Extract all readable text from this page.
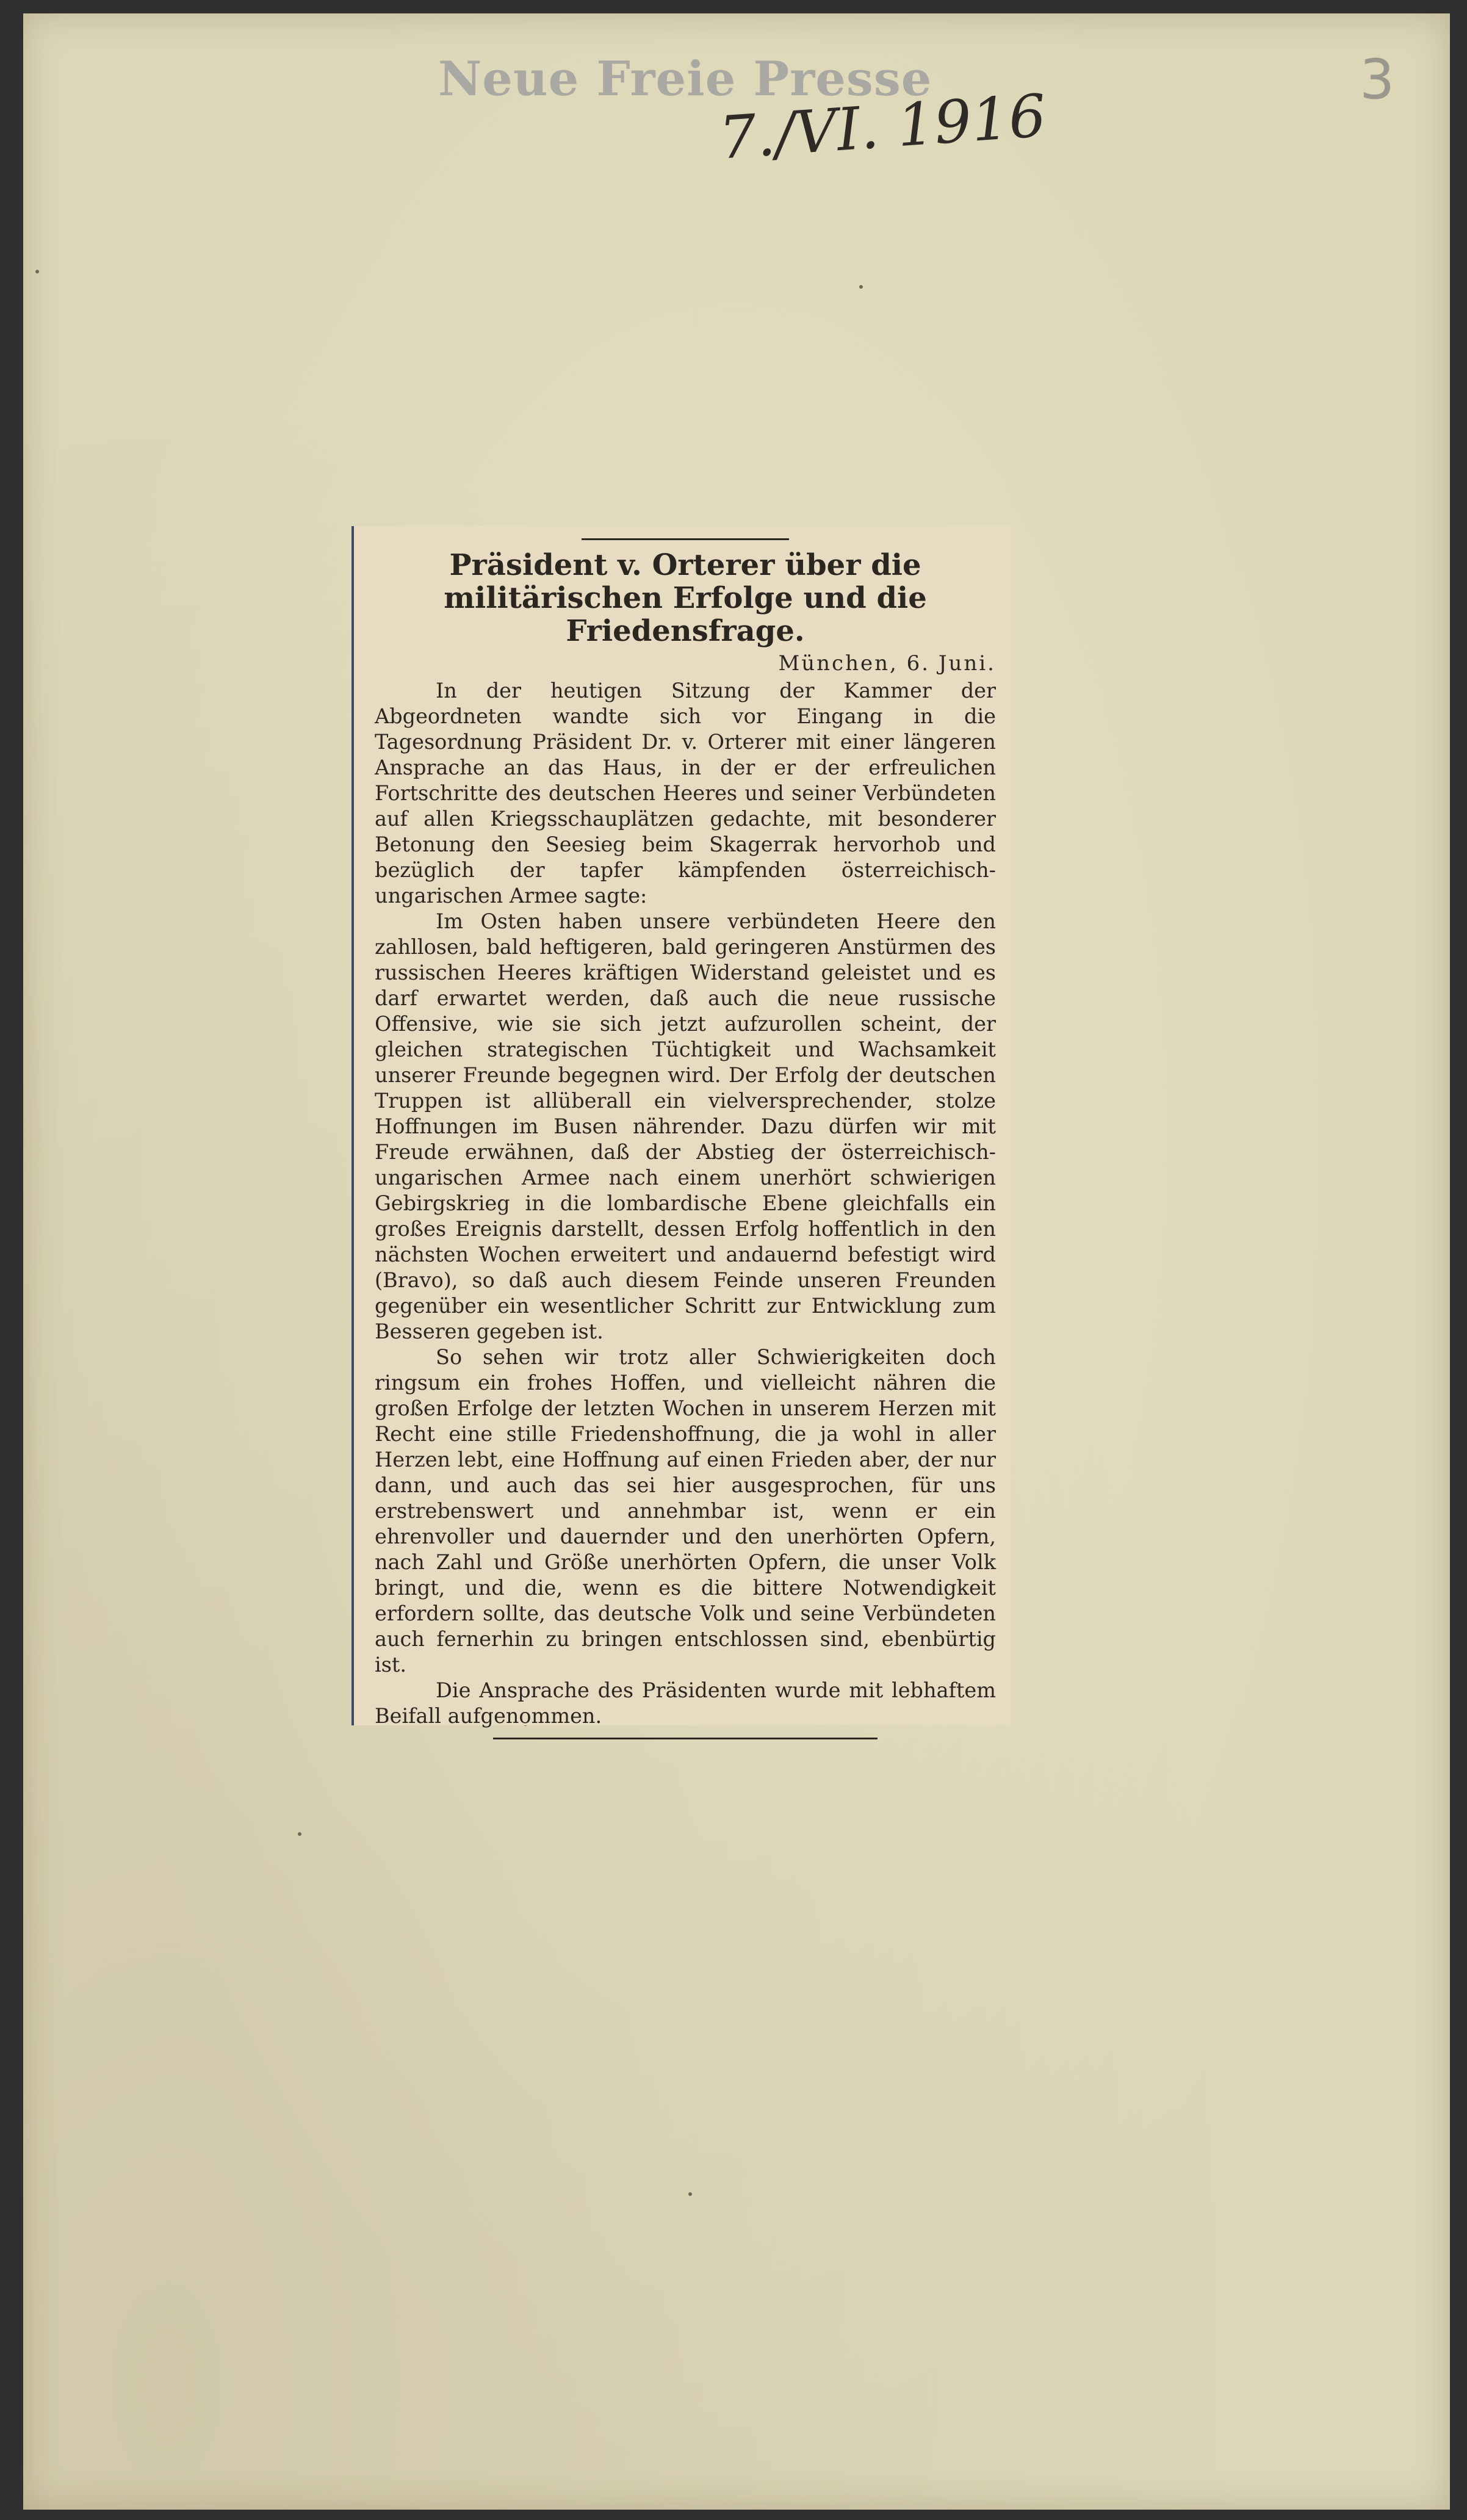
Neue Freie Presse
7./VI. 1916
3
Präsident v. Orterer über die militärischen Erfolge und die Friedensfrage.
München, 6. Juni.

In der heutigen Sitzung der Kammer der Abgeordneten wandte sich vor Eingang in die Tagesordnung Präsident Dr. v. Orterer mit einer längeren Ansprache an das Haus, in der er der erfreulichen Fortschritte des deutschen Heeres und seiner Verbündeten auf allen Kriegsschauplätzen gedachte, mit besonderer Betonung den Seesieg beim Skagerrak hervorhob und bezüglich der tapfer kämpfenden österreichisch-ungarischen Armee sagte:

Im Osten haben unsere verbündeten Heere den zahllosen, bald heftigeren, bald geringeren Anstürmen des russischen Heeres kräftigen Widerstand geleistet und es darf erwartet werden, daß auch die neue russische Offensive, wie sie sich jetzt aufzurollen scheint, der gleichen strategischen Tüchtigkeit und Wachsamkeit unserer Freunde begegnen wird. Der Erfolg der deutschen Truppen ist allüberall ein vielversprechender, stolze Hoffnungen im Busen nährender. Dazu dürfen wir mit Freude erwähnen, daß der Abstieg der österreichisch-ungarischen Armee nach einem unerhört schwierigen Gebirgskrieg in die lombardische Ebene gleichfalls ein großes Ereignis darstellt, dessen Erfolg hoffentlich in den nächsten Wochen erweitert und andauernd befestigt wird (Bravo), so daß auch diesem Feinde unseren Freunden gegenüber ein wesentlicher Schritt zur Entwicklung zum Besseren gegeben ist.

So sehen wir trotz aller Schwierigkeiten doch ringsum ein frohes Hoffen, und vielleicht nähren die großen Erfolge der letzten Wochen in unserem Herzen mit Recht eine stille Friedenshoffnung, die ja wohl in aller Herzen lebt, eine Hoffnung auf einen Frieden aber, der nur dann, und auch das sei hier ausgesprochen, für uns erstrebenswert und annehmbar ist, wenn er ein ehrenvoller und dauernder und den unerhörten Opfern, nach Zahl und Größe unerhörten Opfern, die unser Volk bringt, und die, wenn es die bittere Notwendigkeit erfordern sollte, das deutsche Volk und seine Verbündeten auch fernerhin zu bringen entschlossen sind, ebenbürtig ist.

Die Ansprache des Präsidenten wurde mit lebhaftem Beifall aufgenommen.
